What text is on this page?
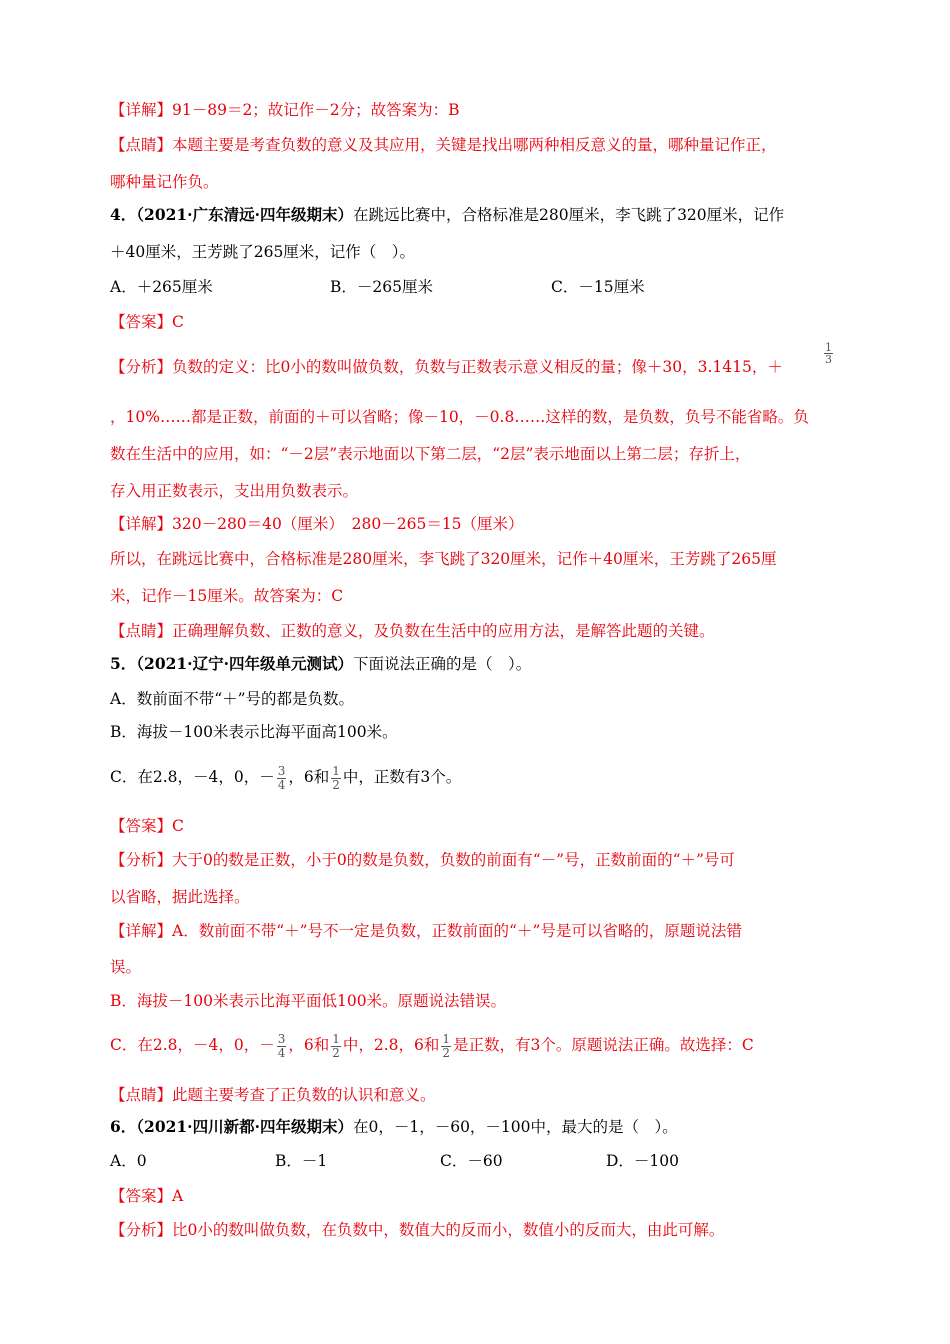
【详解】91－89＝2；故记作－2分；故答案为：B
【点睛】本题主要是考查负数的意义及其应用，关键是找出哪两种相反意义的量，哪种量记作正，
哪种量记作负。
4．（2021·广东清远·四年级期末）在跳远比赛中，合格标准是280厘米，李飞跳了320厘米，记作
＋40厘米，王芳跳了265厘米，记作（　）。
A．＋265厘米	B．－265厘米	C．－15厘米
【答案】C
【分析】负数的定义：比0小的数叫做负数，负数与正数表示意义相反的量；像＋30，3.1415，＋
$\frac{1}{3}$
，10%……都是正数，前面的＋可以省略；像－10，－0.8……这样的数，是负数，负号不能省略。负
数在生活中的应用，如：“－2层”表示地面以下第二层，“2层”表示地面以上第二层；存折上，
存入用正数表示，支出用负数表示。
【详解】320－280＝40（厘米）　280－265＝15（厘米）
所以，在跳远比赛中，合格标准是280厘米，李飞跳了320厘米，记作＋40厘米，王芳跳了265厘
米，记作－15厘米。故答案为：C
【点睛】正确理解负数、正数的意义，及负数在生活中的应用方法，是解答此题的关键。
5．（2021·辽宁·四年级单元测试）下面说法正确的是（　）。
A．数前面不带“＋”号的都是负数。
B．海拔－100米表示比海平面高100米。
C．在2.8，－4，0，－ $\frac{3}{4}$ ，6和 $\frac{1}{2}$ 中，正数有3个。
【答案】C
【分析】大于0的数是正数，小于0的数是负数，负数的前面有“－”号，正数前面的“＋”号可
以省略，据此选择。
【详解】A．数前面不带“＋”号不一定是负数，正数前面的“＋”号是可以省略的，原题说法错
误。
B．海拔－100米表示比海平面低100米。原题说法错误。
C．在2.8，－4，0，－ $\frac{3}{4}$ ，6和 $\frac{1}{2}$ 中，2.8，6和 $\frac{1}{2}$ 是正数，有3个。原题说法正确。故选择：C
【点睛】此题主要考查了正负数的认识和意义。
6．（2021·四川新都·四年级期末）在0，－1，－60，－100中，最大的是（　）。
A．0	B．－1	C．－60	D．－100
【答案】A
【分析】比0小的数叫做负数，在负数中，数值大的反而小，数值小的反而大，由此可解。
